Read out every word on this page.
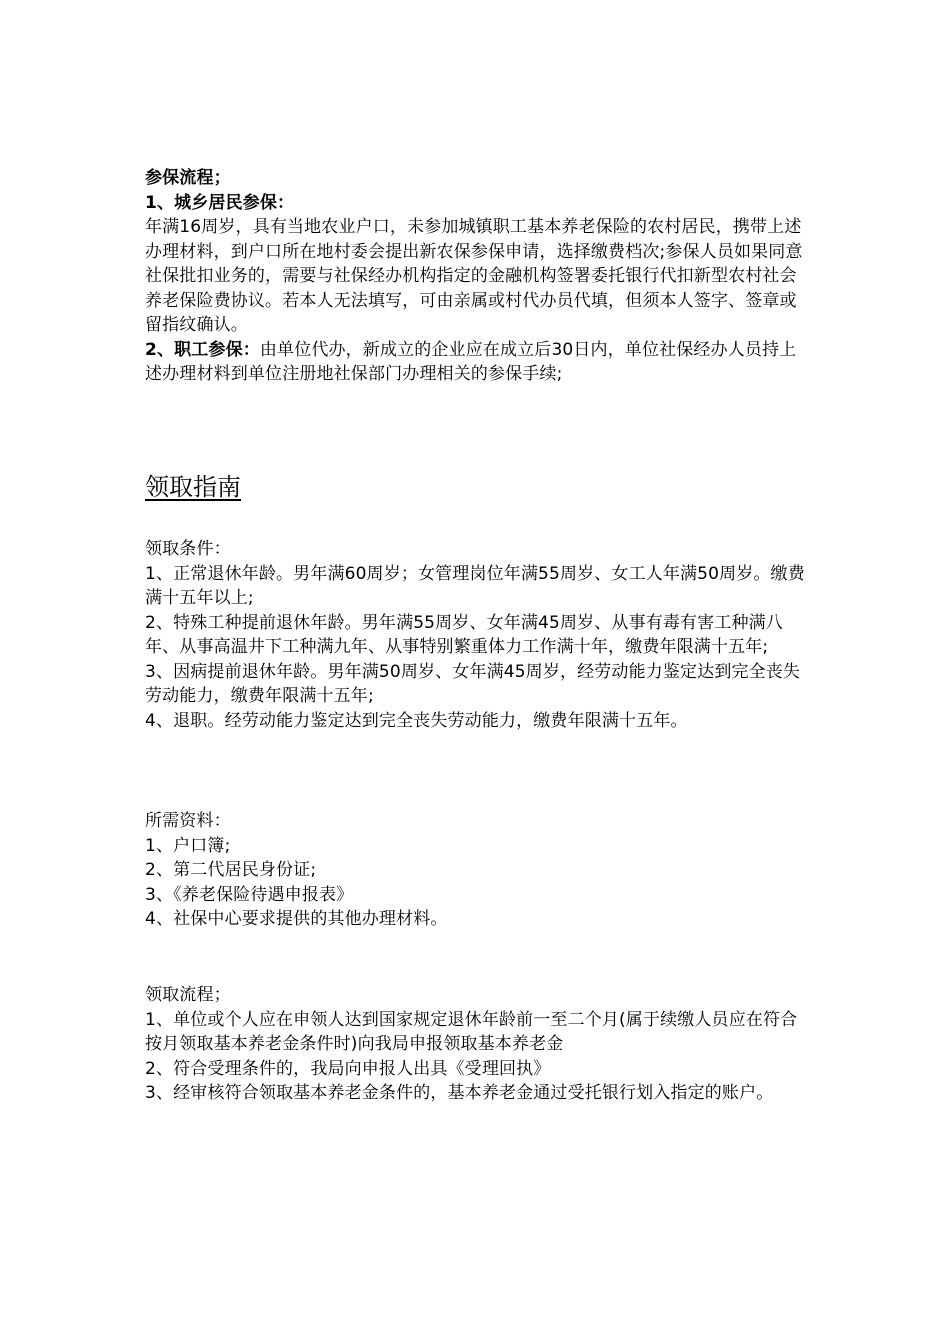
参保流程；

1、城乡居民参保：

年满16周岁，具有当地农业户口，未参加城镇职工基本养老保险的农村居民，携带上述办理材料，到户口所在地村委会提出新农保参保申请，选择缴费档次;参保人员如果同意社保批扣业务的，需要与社保经办机构指定的金融机构签署委托银行代扣新型农村社会养老保险费协议。若本人无法填写，可由亲属或村代办员代填，但须本人签字、签章或留指纹确认。

2、职工参保：由单位代办，新成立的企业应在成立后30日内，单位社保经办人员持上述办理材料到单位注册地社保部门办理相关的参保手续;

领取指南

领取条件：

1、正常退休年龄。男年满60周岁；女管理岗位年满55周岁、女工人年满50周岁。缴费满十五年以上;

2、特殊工种提前退休年龄。男年满55周岁、女年满45周岁、从事有毒有害工种满八年、从事高温井下工种满九年、从事特别繁重体力工作满十年，缴费年限满十五年;

3、因病提前退休年龄。男年满50周岁、女年满45周岁，经劳动能力鉴定达到完全丧失劳动能力，缴费年限满十五年;

4、退职。经劳动能力鉴定达到完全丧失劳动能力，缴费年限满十五年。

所需资料：

1、户口簿;

2、第二代居民身份证;

3、《养老保险待遇申报表》

4、社保中心要求提供的其他办理材料。

领取流程；

1、单位或个人应在申领人达到国家规定退休年龄前一至二个月(属于续缴人员应在符合按月领取基本养老金条件时)向我局申报领取基本养老金

2、符合受理条件的，我局向申报人出具《受理回执》

3、经审核符合领取基本养老金条件的，基本养老金通过受托银行划入指定的账户。
